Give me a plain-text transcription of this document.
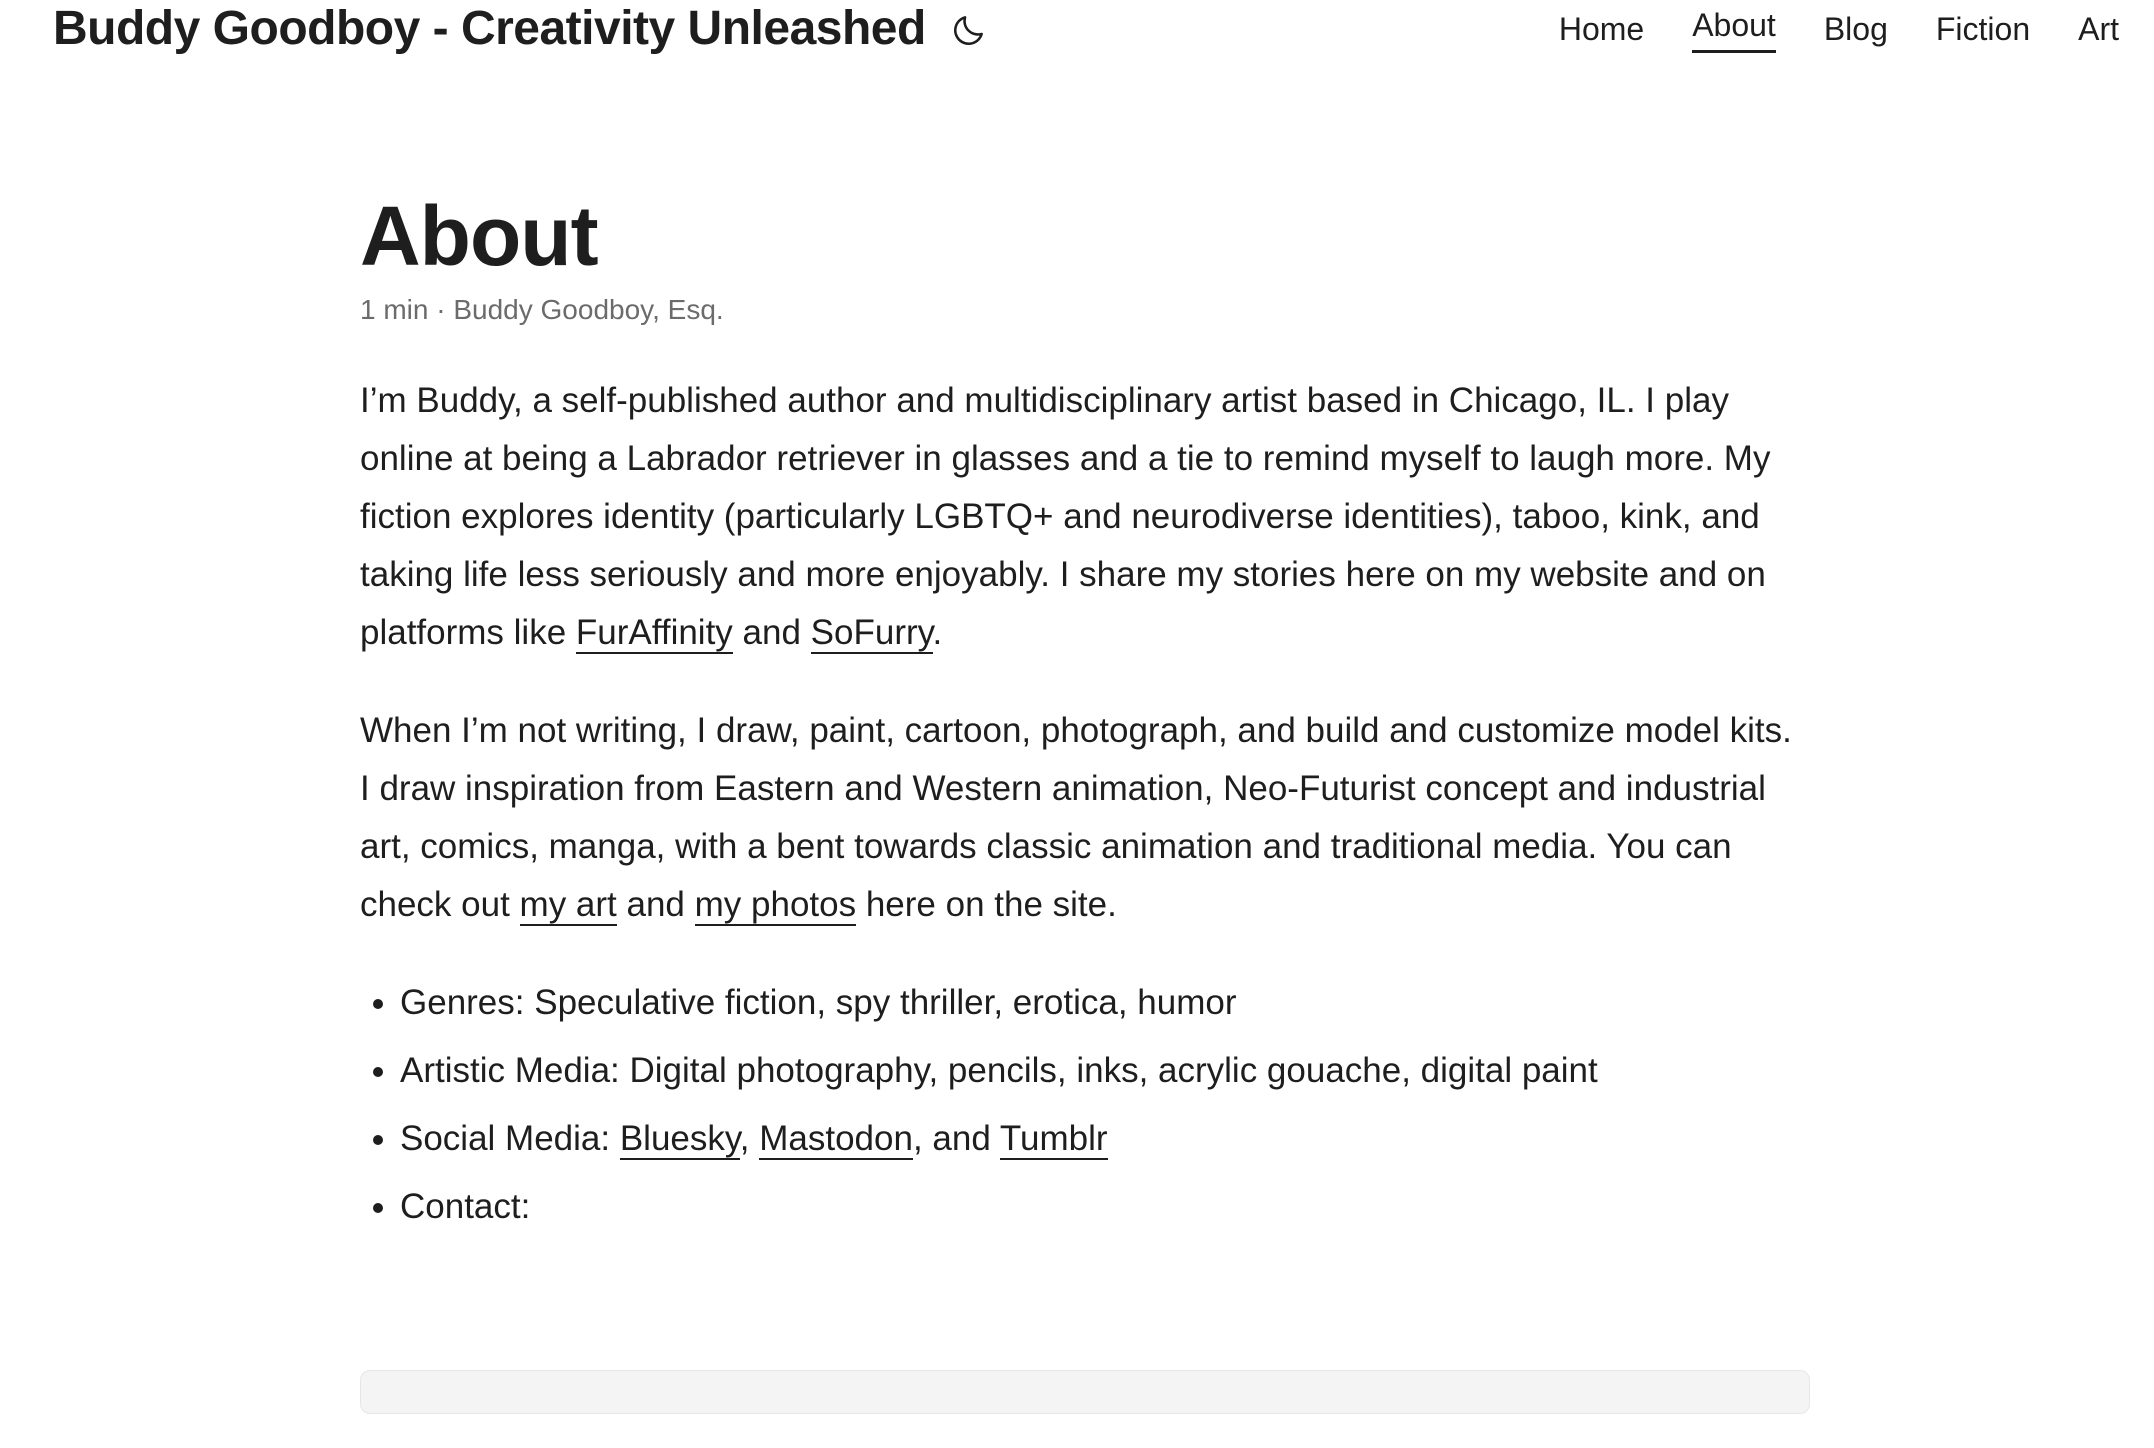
Buddy Goodboy - Creativity Unleashed	Home About Blog Fiction Art
About
1 min · Buddy Goodboy, Esq.

I’m Buddy, a self-published author and multidisciplinary artist based in Chicago, IL. I play online at being a Labrador retriever in glasses and a tie to remind myself to laugh more. My fiction explores identity (particularly LGBTQ+ and neurodiverse identities), taboo, kink, and taking life less seriously and more enjoyably. I share my stories here on my website and on platforms like FurAffinity and SoFurry.

When I’m not writing, I draw, paint, cartoon, photograph, and build and customize model kits. I draw inspiration from Eastern and Western animation, Neo-Futurist concept and industrial art, comics, manga, with a bent towards classic animation and traditional media. You can check out my art and my photos here on the site.

• Genres: Speculative fiction, spy thriller, erotica, humor
• Artistic Media: Digital photography, pencils, inks, acrylic gouache, digital paint
• Social Media: Bluesky, Mastodon, and Tumblr
• Contact:
